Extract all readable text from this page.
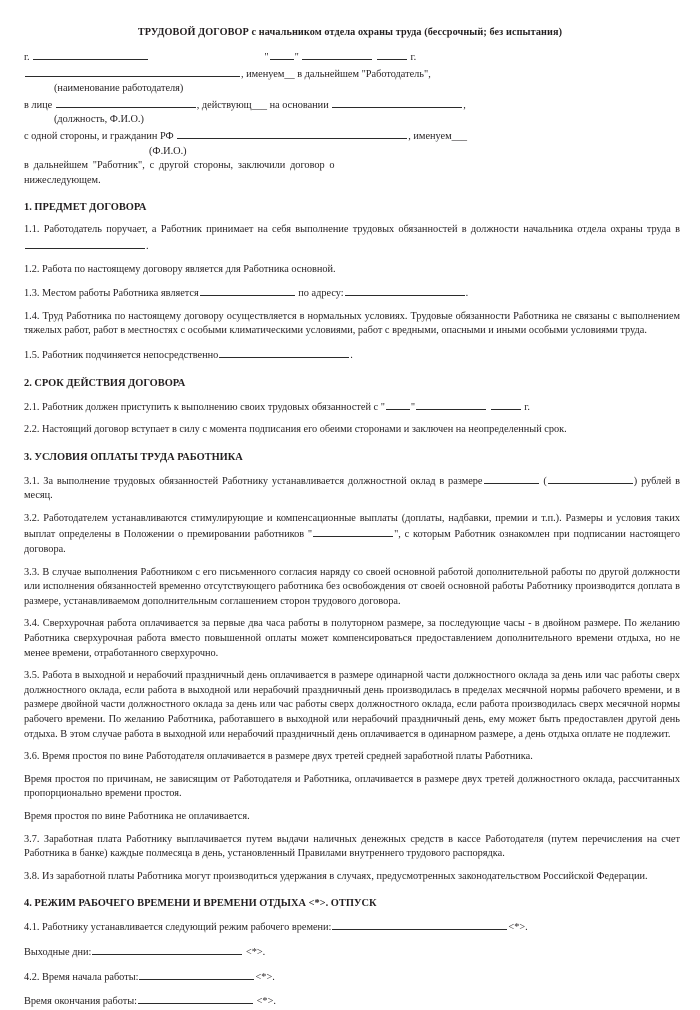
ТРУДОВОЙ ДОГОВОР с начальником отдела охраны труда (бессрочный; без испытания)
г.	"	"	г.
, именуем__ в дальнейшем "Работодатель",
(наименование работодателя)
в лице	, действующ___ на основании	,
(должность, Ф.И.О.)
с одной стороны, и гражданин РФ	, именуем___
(Ф.И.О.)
в дальнейшем "Работник", с другой стороны, заключили договор о
нижеследующем.
1. ПРЕДМЕТ ДОГОВОРА
1.1. Работодатель поручает, а Работник принимает на себя выполнение трудовых обязанностей в должности начальника отдела охраны труда в.
1.2. Работа по настоящему договору является для Работника основной.
1.3. Местом работы Работника является	по адресу:	.
1.4. Труд Работника по настоящему договору осуществляется в нормальных условиях. Трудовые обязанности Работника не связаны с выполнением тяжелых работ, работ в местностях с особыми климатическими условиями, работ с вредными, опасными и иными особыми условиями труда.
1.5. Работник подчиняется непосредственно	.
2. СРОК ДЕЙСТВИЯ ДОГОВОРА
2.1. Работник должен приступить к выполнению своих трудовых обязанностей с "	"	г.
2.2. Настоящий договор вступает в силу с момента подписания его обеими сторонами и заключен на неопределенный срок.
3. УСЛОВИЯ ОПЛАТЫ ТРУДА РАБОТНИКА
3.1. За выполнение трудовых обязанностей Работнику устанавливается должностной оклад в размере	(	) рублей в месяц.
3.2. Работодателем устанавливаются стимулирующие и компенсационные выплаты (доплаты, надбавки, премии и т.п.). Размеры и условия таких выплат определены в Положении о премировании работников "	", с которым Работник ознакомлен при подписании настоящего договора.
3.3. В случае выполнения Работником с его письменного согласия наряду со своей основной работой дополнительной работы по другой должности или исполнения обязанностей временно отсутствующего работника без освобождения от своей основной работы Работнику производится доплата в размере, устанавливаемом дополнительным соглашением сторон трудового договора.
3.4. Сверхурочная работа оплачивается за первые два часа работы в полуторном размере, за последующие часы - в двойном размере. По желанию Работника сверхурочная работа вместо повышенной оплаты может компенсироваться предоставлением дополнительного времени отдыха, но не менее времени, отработанного сверхурочно.
3.5. Работа в выходной и нерабочий праздничный день оплачивается в размере одинарной части должностного оклада за день или час работы сверх должностного оклада, если работа в выходной или нерабочий праздничный день производилась в пределах месячной нормы рабочего времени, и в размере двойной части должностного оклада за день или час работы сверх должностного оклада, если работа производилась сверх месячной нормы рабочего времени. По желанию Работника, работавшего в выходной или нерабочий праздничный день, ему может быть предоставлен другой день отдыха. В этом случае работа в выходной или нерабочий праздничный день оплачивается в одинарном размере, а день отдыха оплате не подлежит.
3.6. Время простоя по вине Работодателя оплачивается в размере двух третей средней заработной платы Работника.
Время простоя по причинам, не зависящим от Работодателя и Работника, оплачивается в размере двух третей должностного оклада, рассчитанных пропорционально времени простоя.
Время простоя по вине Работника не оплачивается.
3.7. Заработная плата Работнику выплачивается путем выдачи наличных денежных средств в кассе Работодателя (путем перечисления на счет Работника в банке) каждые полмесяца в день, установленный Правилами внутреннего трудового распорядка.
3.8. Из заработной платы Работника могут производиться удержания в случаях, предусмотренных законодательством Российской Федерации.
4. РЕЖИМ РАБОЧЕГО ВРЕМЕНИ И ВРЕМЕНИ ОТДЫХА <*>. ОТПУСК
4.1. Работнику устанавливается следующий режим рабочего времени:	<*>.
Выходные дни:	<*>.
4.2. Время начала работы:	<*>.
Время окончания работы:	<*>.
